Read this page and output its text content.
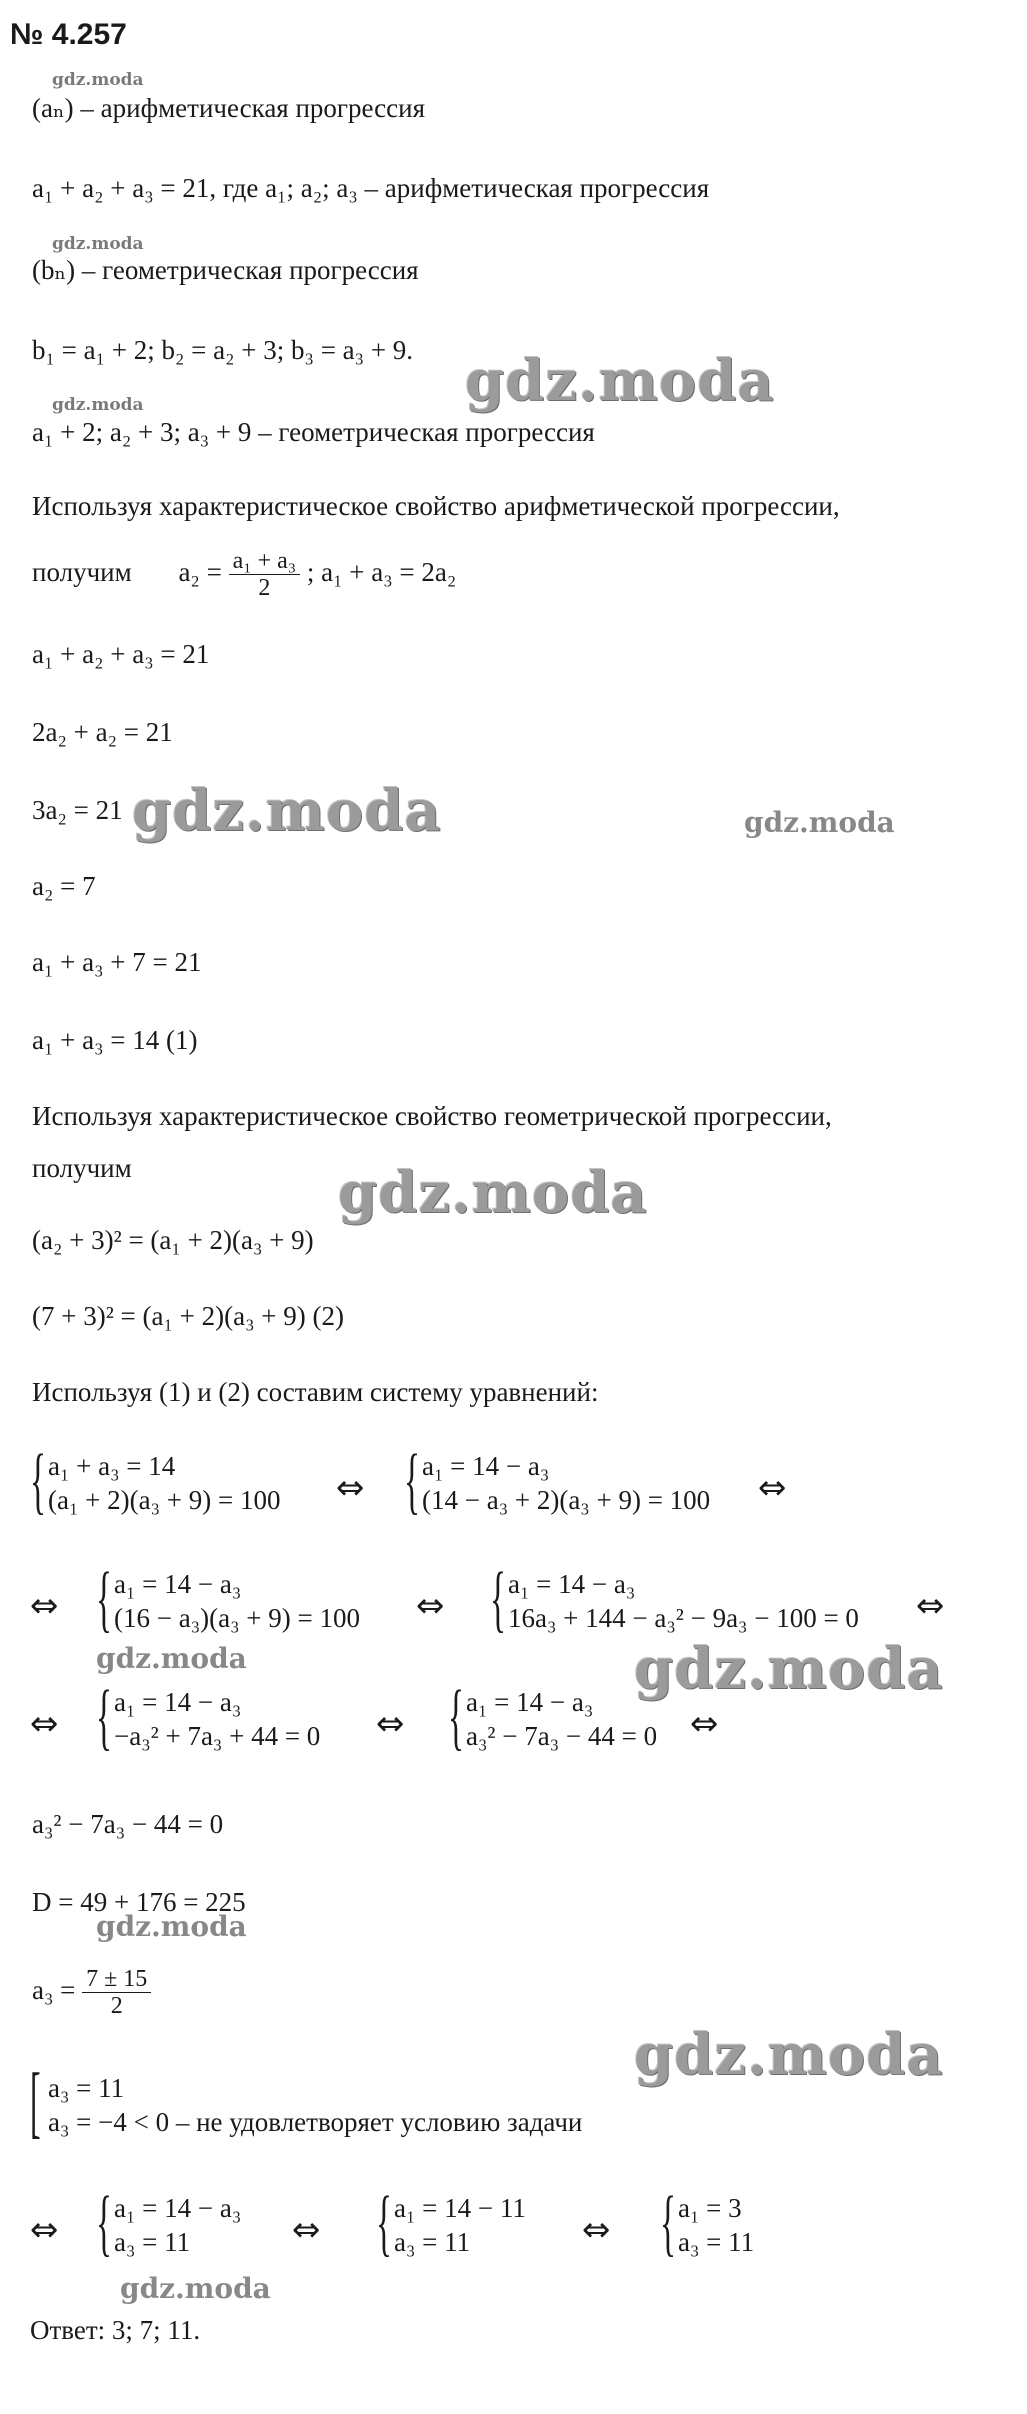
№ 4.257
gdz.moda
gdz.moda
gdz.moda
(aₙ) – арифметическая прогрессия
a₁ + a₂ + a₃ = 21, где a₁; a₂; a₃ – арифметическая прогрессия
(bₙ) – геометрическая прогрессия
b₁ = a₁ + 2; b₂ = a₂ + 3; b₃ = a₃ + 9. gdz.moda
a₁ + 2; a₂ + 3; a₃ + 9 – геометрическая прогрессия
Используя характеристическое свойство арифметической прогрессии,
получим $a_2 = \frac{\text{a₁ + a₃}}{2}$ ; a₁ + a₃ = 2a₂
a₁ + a₂ + a₃ = 21
2a₂ + a₂ = 21
3a₂ = 21 gdz.moda	gdz.moda
a₂ = 7
a₁ + a₃ + 7 = 21
a₁ + a₃ = 14 (1)
Используя характеристическое свойство геометрической прогрессии,
получим	gdz.moda
(a₂ + 3)² = (a₁ + 2)(a₃ + 9)
(7 + 3)² = (a₁ + 2)(a₃ + 9) (2)
Используя (1) и (2) составим систему уравнений:
{ a₁ + a₃ = 14
(a₁ + 2)(a₃ + 9) = 100 ⇔ { a₁ = 14 − a₃
(14 − a₃ + 2)(a₃ + 9) = 100 ⇔
⇔ { a₁ = 14 − a₃
(16 − a₃)(a₃ + 9) = 100 ⇔ { a₁ = 14 − a₃
16a₃ + 144 − a₃² − 9a₃ − 100 = 0 ⇔
gdz.moda	gdz.moda
⇔ { a₁ = 14 − a₃
−a₃² + 7a₃ + 44 = 0 ⇔ { a₁ = 14 − a₃
a₃² − 7a₃ − 44 = 0 ⇔
a₃² − 7a₃ − 44 = 0
D = 49 + 176 = 225
gdz.moda
$a_3 = \frac{7 \pm 15}{2}$
gdz.moda
[ a₃ = 11
a₃ = −4 < 0 – не удовлетворяет условию задачи
⇔ { a₁ = 14 − a₃
a₃ = 11	⇔ { a₁ = 14 − 11
a₃ = 11	⇔ { a₁ = 3
a₃ = 11
gdz.moda
Ответ: 3; 7; 11.
